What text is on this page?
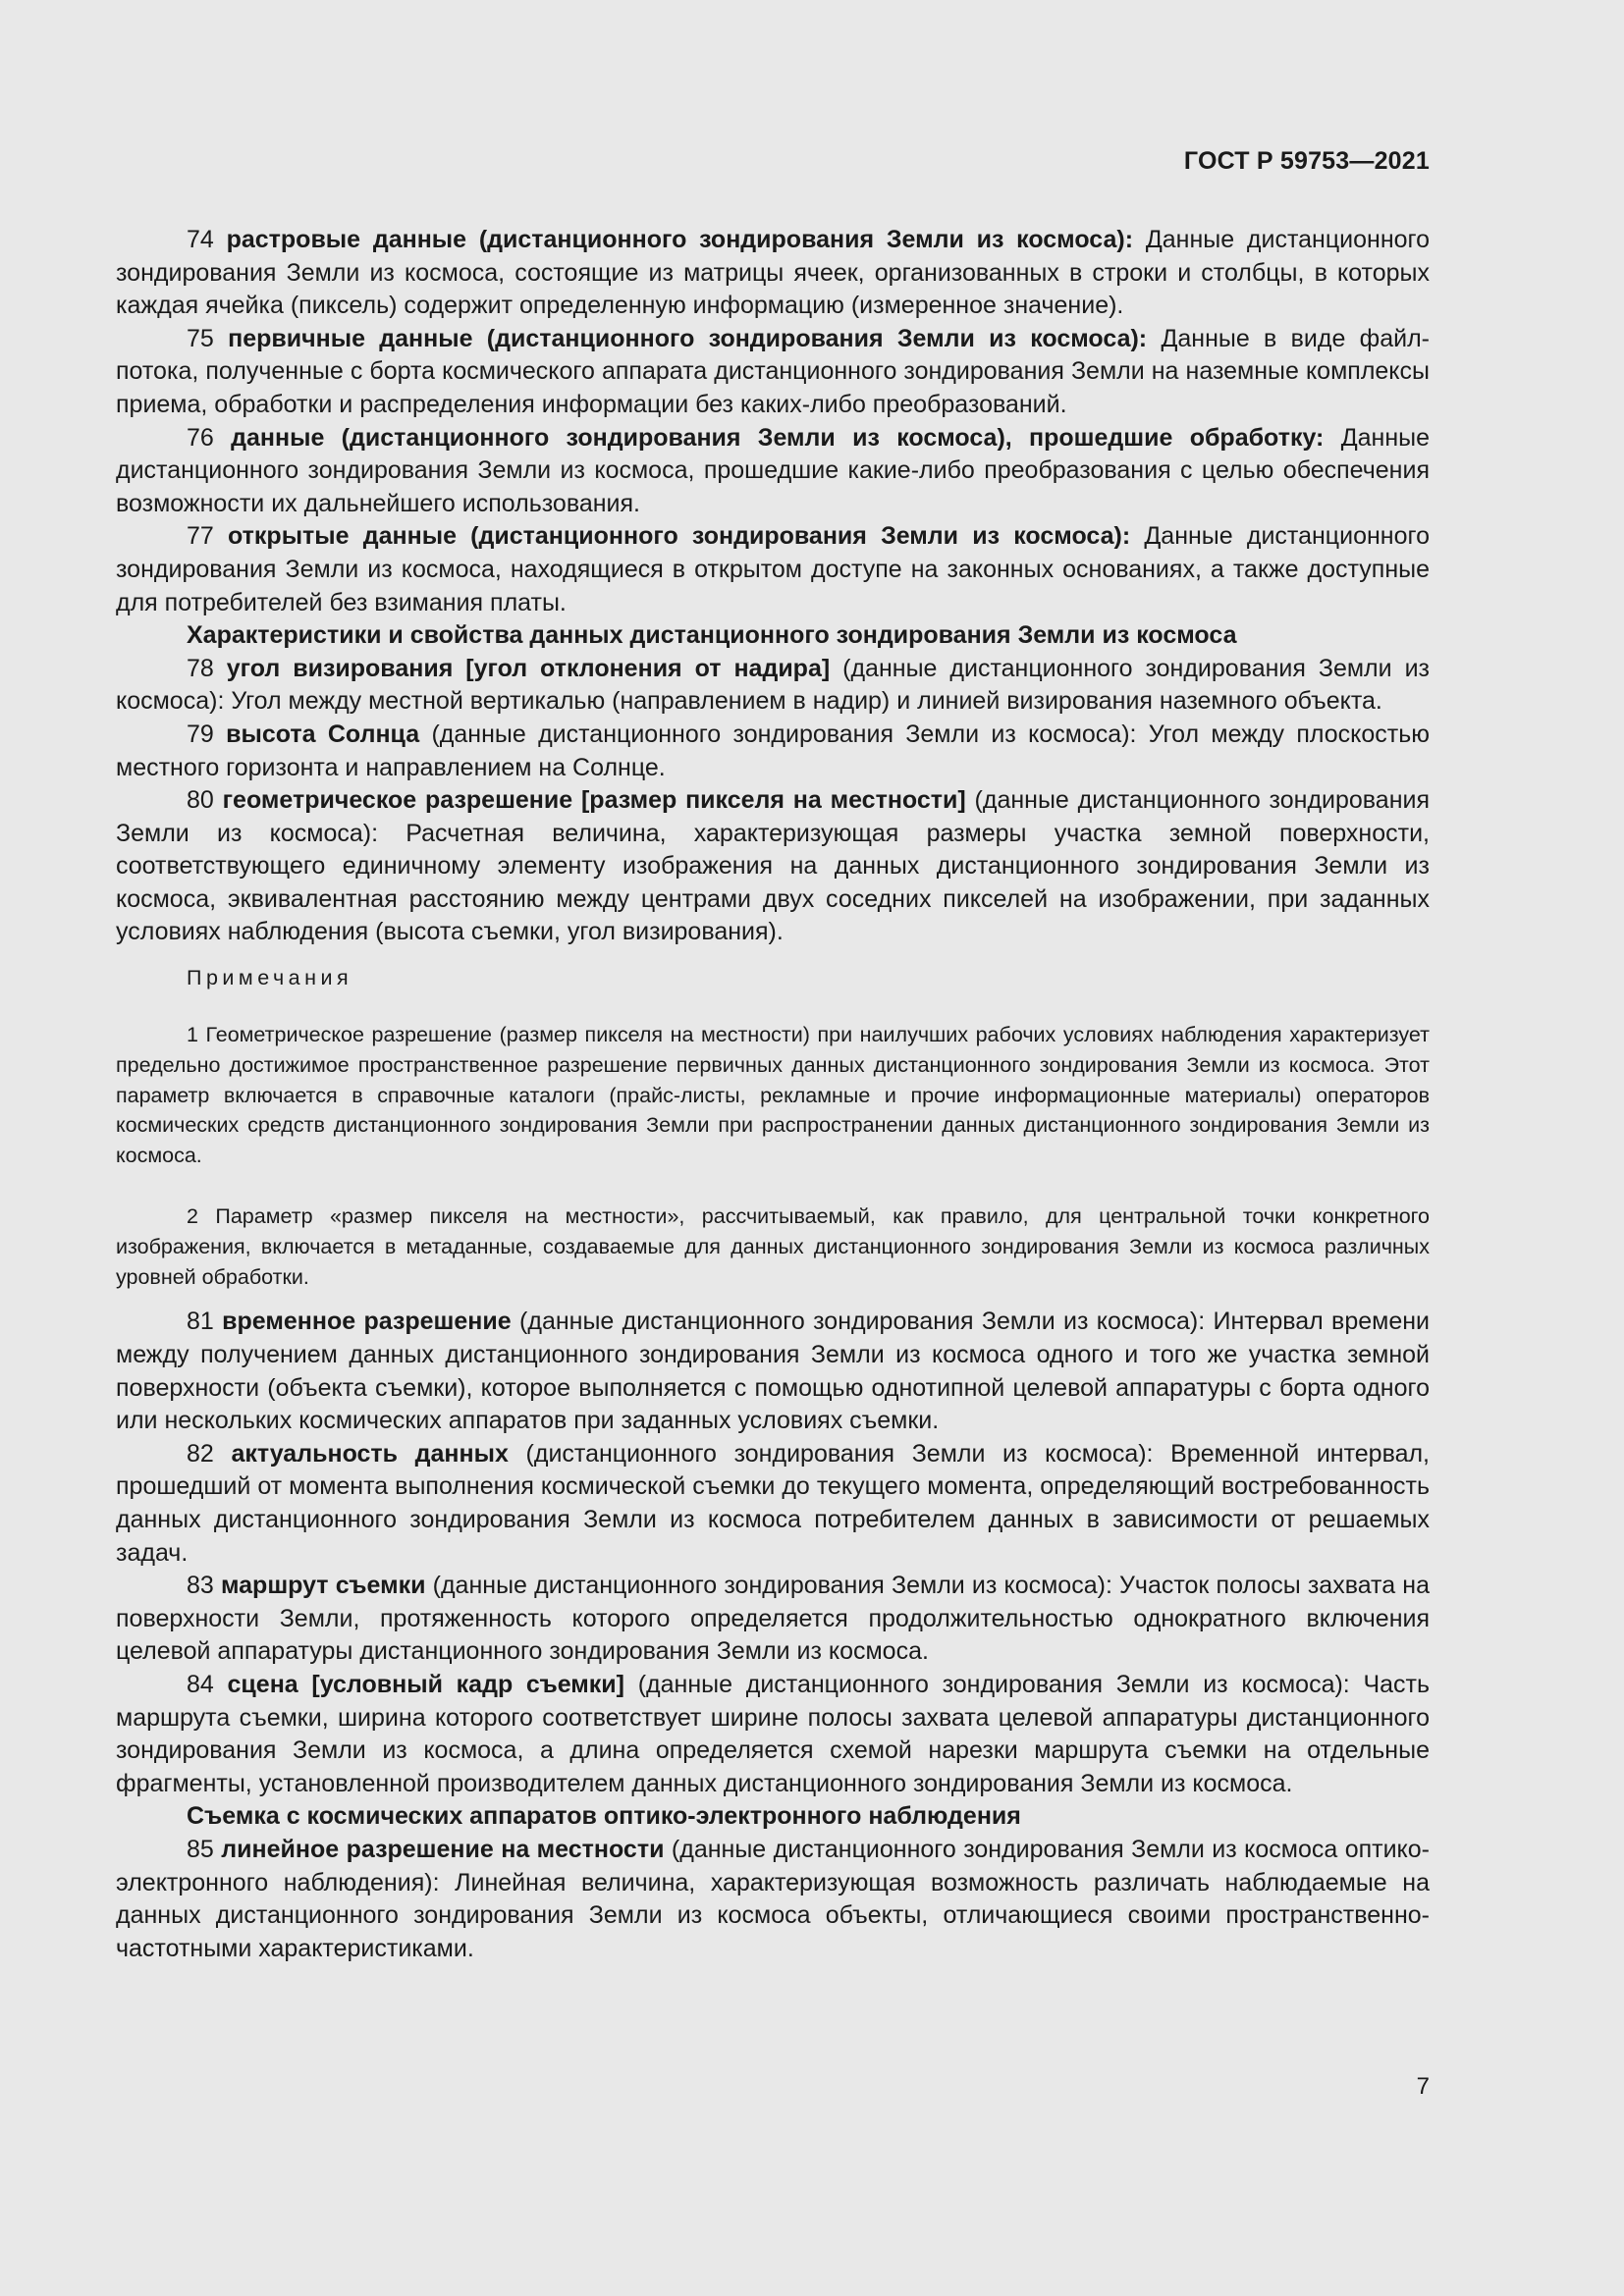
ГОСТ Р 59753—2021

74 растровые данные (дистанционного зондирования Земли из космоса): Данные дистанционного зондирования Земли из космоса, состоящие из матрицы ячеек, организованных в строки и столбцы, в которых каждая ячейка (пиксель) содержит определенную информацию (измеренное значение).

75 первичные данные (дистанционного зондирования Земли из космоса): Данные в виде файл-потока, полученные с борта космического аппарата дистанционного зондирования Земли на наземные комплексы приема, обработки и распределения информации без каких-либо преобразований.

76 данные (дистанционного зондирования Земли из космоса), прошедшие обработку: Данные дистанционного зондирования Земли из космоса, прошедшие какие-либо преобразования с целью обеспечения возможности их дальнейшего использования.

77 открытые данные (дистанционного зондирования Земли из космоса): Данные дистанционного зондирования Земли из космоса, находящиеся в открытом доступе на законных основаниях, а также доступные для потребителей без взимания платы.

Характеристики и свойства данных дистанционного зондирования Земли из космоса

78 угол визирования [угол отклонения от надира] (данные дистанционного зондирования Земли из космоса): Угол между местной вертикалью (направлением в надир) и линией визирования наземного объекта.

79 высота Солнца (данные дистанционного зондирования Земли из космоса): Угол между плоскостью местного горизонта и направлением на Солнце.

80 геометрическое разрешение [размер пикселя на местности] (данные дистанционного зондирования Земли из космоса): Расчетная величина, характеризующая размеры участка земной поверхности, соответствующего единичному элементу изображения на данных дистанционного зондирования Земли из космоса, эквивалентная расстоянию между центрами двух соседних пикселей на изображении, при заданных условиях наблюдения (высота съемки, угол визирования).

Примечания

1 Геометрическое разрешение (размер пикселя на местности) при наилучших рабочих условиях наблюдения характеризует предельно достижимое пространственное разрешение первичных данных дистанционного зондирования Земли из космоса. Этот параметр включается в справочные каталоги (прайс-листы, рекламные и прочие информационные материалы) операторов космических средств дистанционного зондирования Земли при распространении данных дистанционного зондирования Земли из космоса.

2 Параметр «размер пикселя на местности», рассчитываемый, как правило, для центральной точки конкретного изображения, включается в метаданные, создаваемые для данных дистанционного зондирования Земли из космоса различных уровней обработки.

81 временное разрешение (данные дистанционного зондирования Земли из космоса): Интервал времени между получением данных дистанционного зондирования Земли из космоса одного и того же участка земной поверхности (объекта съемки), которое выполняется с помощью однотипной целевой аппаратуры с борта одного или нескольких космических аппаратов при заданных условиях съемки.

82 актуальность данных (дистанционного зондирования Земли из космоса): Временной интервал, прошедший от момента выполнения космической съемки до текущего момента, определяющий востребованность данных дистанционного зондирования Земли из космоса потребителем данных в зависимости от решаемых задач.

83 маршрут съемки (данные дистанционного зондирования Земли из космоса): Участок полосы захвата на поверхности Земли, протяженность которого определяется продолжительностью однократного включения целевой аппаратуры дистанционного зондирования Земли из космоса.

84 сцена [условный кадр съемки] (данные дистанционного зондирования Земли из космоса): Часть маршрута съемки, ширина которого соответствует ширине полосы захвата целевой аппаратуры дистанционного зондирования Земли из космоса, а длина определяется схемой нарезки маршрута съемки на отдельные фрагменты, установленной производителем данных дистанционного зондирования Земли из космоса.

Съемка с космических аппаратов оптико-электронного наблюдения

85 линейное разрешение на местности (данные дистанционного зондирования Земли из космоса оптико-электронного наблюдения): Линейная величина, характеризующая возможность различать наблюдаемые на данных дистанционного зондирования Земли из космоса объекты, отличающиеся своими пространственно-частотными характеристиками.

7
